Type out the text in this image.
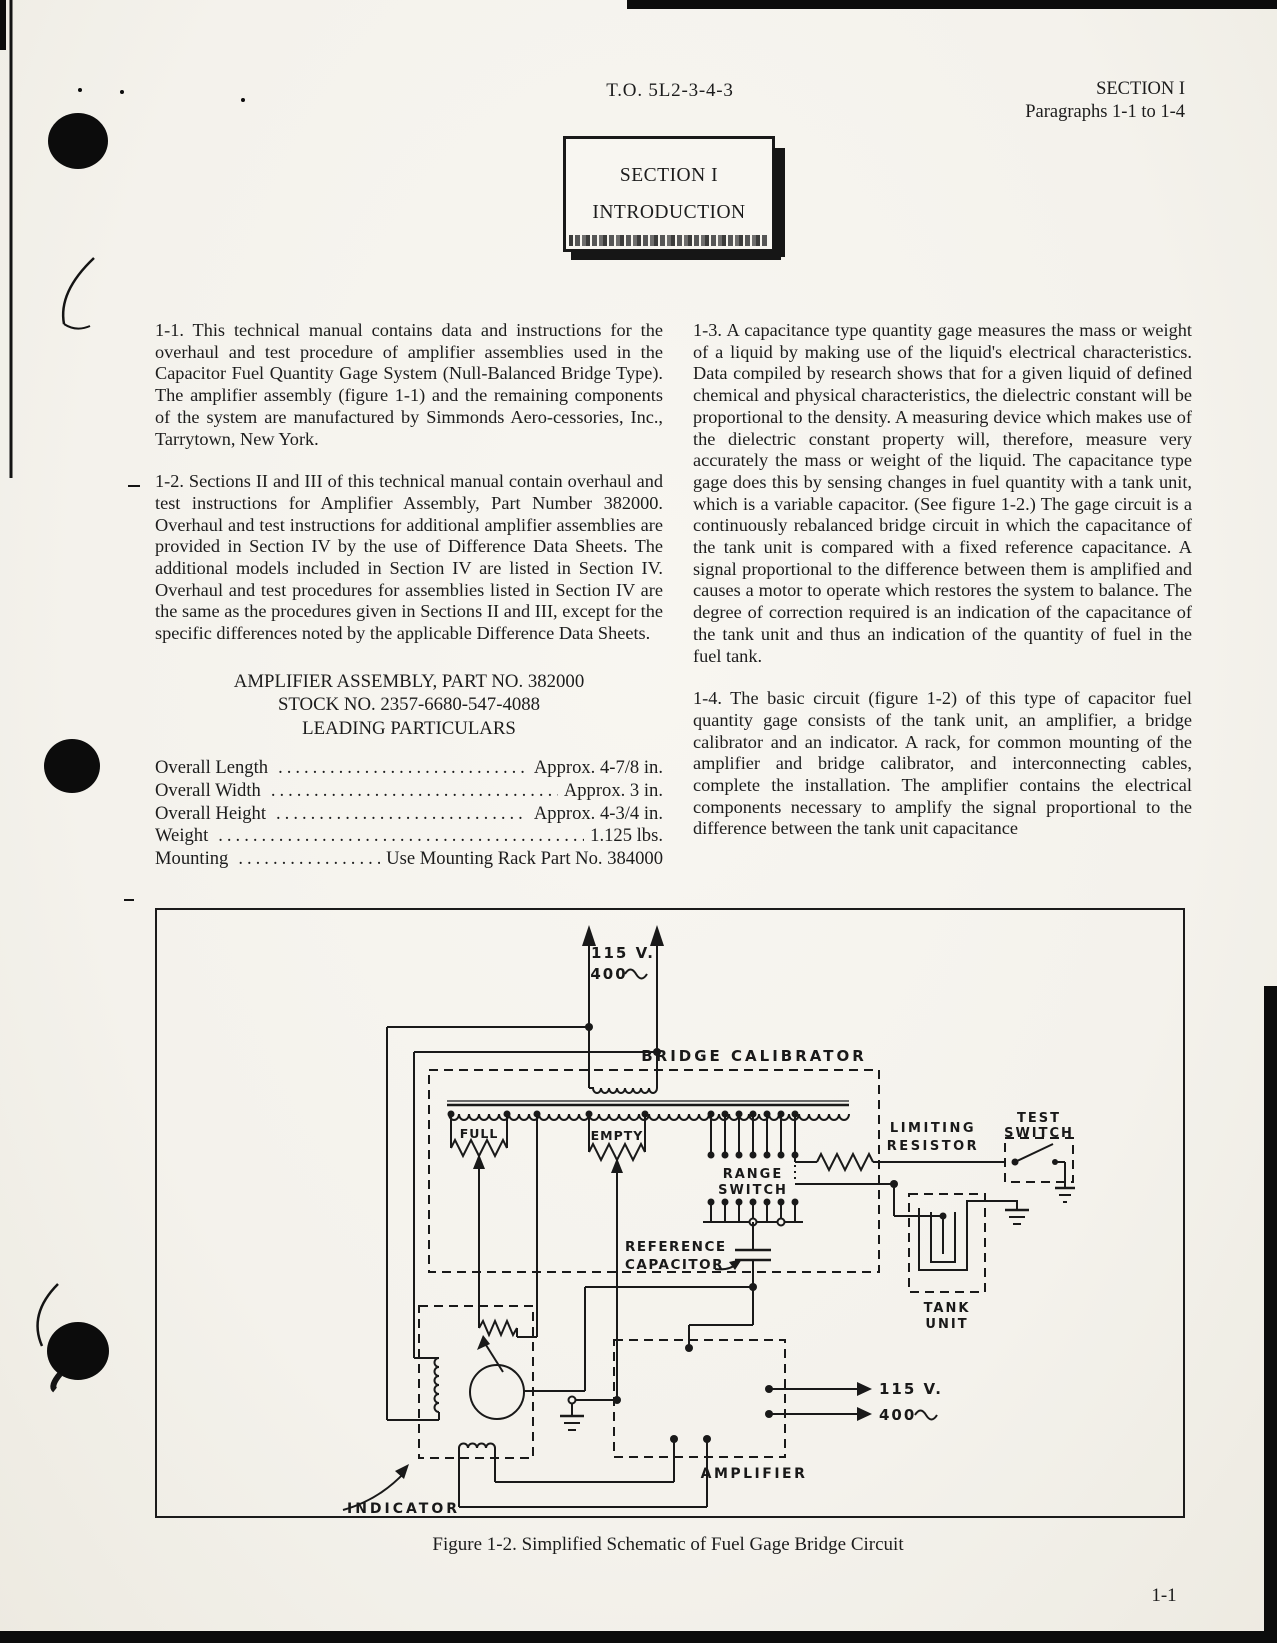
T.O. 5L2-3-4-3	SECTION I
Paragraphs 1-1 to 1-4
SECTION I
INTRODUCTION

1-1. This technical manual contains data and instructions for the overhaul and test procedure of amplifier assemblies used in the Capacitor Fuel Quantity Gage System (Null-Balanced Bridge Type). The amplifier assembly (figure 1-1) and the remaining components of the system are manufactured by Simmonds Aero-cessories, Inc., Tarrytown, New York.

1-2. Sections II and III of this technical manual contain overhaul and test instructions for Amplifier Assembly, Part Number 382000. Overhaul and test instructions for additional amplifier assemblies are provided in Section IV by the use of Difference Data Sheets. The additional models included in Section IV are listed in Section IV. Overhaul and test procedures for assemblies listed in Section IV are the same as the procedures given in Sections II and III, except for the specific differences noted by the applicable Difference Data Sheets.

AMPLIFIER ASSEMBLY, PART NO. 382000
STOCK NO. 2357-6680-547-4088
LEADING PARTICULARS
Overall Length .....	Approx. 4-7/8 in.
Overall Width .....	Approx. 3 in.
Overall Height .....	Approx. 4-3/4 in.
Weight .....	1.125 lbs.
Mounting .....	Use Mounting Rack Part No. 384000

1-3. A capacitance type quantity gage measures the mass or weight of a liquid by making use of the liquid's electrical characteristics. Data compiled by research shows that for a given liquid of defined chemical and physical characteristics, the dielectric constant will be proportional to the density. A measuring device which makes use of the dielectric constant property will, therefore, measure very accurately the mass or weight of the liquid. The capacitance type gage does this by sensing changes in fuel quantity with a tank unit, which is a variable capacitor. (See figure 1-2.) The gage circuit is a continuously rebalanced bridge circuit in which the capacitance of the tank unit is compared with a fixed reference capacitance. A signal proportional to the difference between them is amplified and causes a motor to operate which restores the system to balance. The degree of correction required is an indication of the capacitance of the tank unit and thus an indication of the quantity of fuel in the fuel tank.

1-4. The basic circuit (figure 1-2) of this type of capacitor fuel quantity gage consists of the tank unit, an amplifier, a bridge calibrator and an indicator. A rack, for common mounting of the amplifier and bridge calibrator, and interconnecting cables, complete the installation. The amplifier contains the electrical components necessary to amplify the signal proportional to the difference between the tank unit capacitance

115 V.
400
BRIDGE CALIBRATOR
FULL	EMPTY
RANGE
SWITCH
REFERENCE
CAPACITOR
LIMITING
RESISTOR
TEST
SWITCH
TANK
UNIT
INDICATOR
AMPLIFIER
115 V.
400
Figure 1-2. Simplified Schematic of Fuel Gage Bridge Circuit
1-1
